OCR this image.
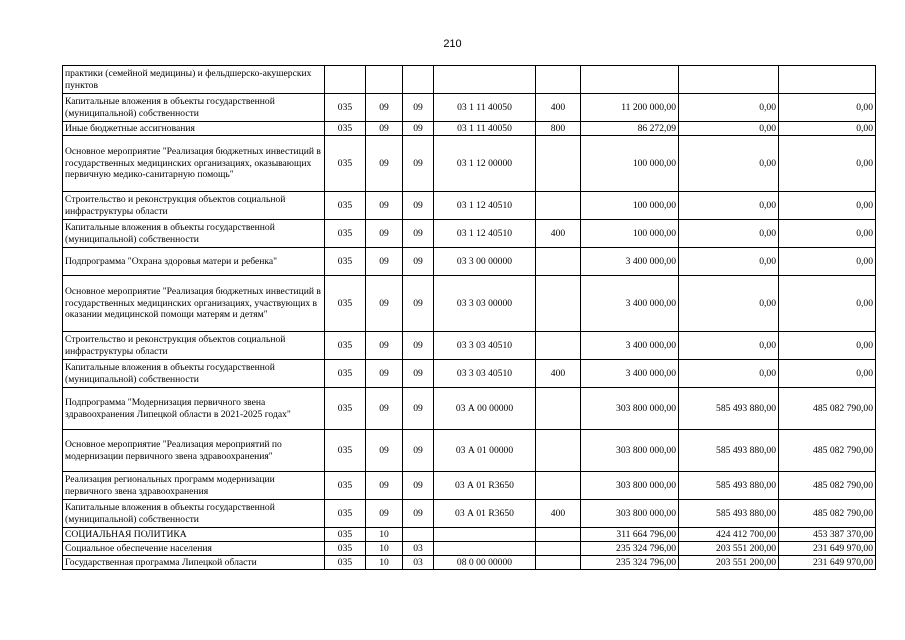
210
практики (семейной медицины) и фельдшерско-акушерских пунктов								
Капитальные вложения в объекты государственной (муниципальной) собственности	035	09	09	03 1 11 40050	400	11 200 000,00	0,00	0,00
Иные бюджетные ассигнования	035	09	09	03 1 11 40050	800	86 272,09	0,00	0,00
Основное мероприятие "Реализация бюджетных инвестиций в государственных медицинских организациях, оказывающих первичную медико-санитарную помощь"	035	09	09	03 1 12 00000		100 000,00	0,00	0,00
Строительство и реконструкция объектов социальной инфраструктуры области	035	09	09	03 1 12 40510		100 000,00	0,00	0,00
Капитальные вложения в объекты государственной (муниципальной) собственности	035	09	09	03 1 12 40510	400	100 000,00	0,00	0,00
Подпрограмма "Охрана здоровья матери и ребенка"	035	09	09	03 3 00 00000		3 400 000,00	0,00	0,00
Основное мероприятие "Реализация бюджетных инвестиций в государственных медицинских организациях, участвующих в оказании медицинской помощи матерям и детям"	035	09	09	03 3 03 00000		3 400 000,00	0,00	0,00
Строительство и реконструкция объектов социальной инфраструктуры области	035	09	09	03 3 03 40510		3 400 000,00	0,00	0,00
Капитальные вложения в объекты государственной (муниципальной) собственности	035	09	09	03 3 03 40510	400	3 400 000,00	0,00	0,00
Подпрограмма "Модернизация первичного звена здравоохранения Липецкой области в 2021-2025 годах"	035	09	09	03 А 00 00000		303 800 000,00	585 493 880,00	485 082 790,00
Основное мероприятие "Реализация мероприятий по модернизации первичного звена здравоохранения"	035	09	09	03 А 01 00000		303 800 000,00	585 493 880,00	485 082 790,00
Реализация региональных программ модернизации первичного звена здравоохранения	035	09	09	03 А 01 R3650		303 800 000,00	585 493 880,00	485 082 790,00
Капитальные вложения в объекты государственной (муниципальной) собственности	035	09	09	03 А 01 R3650	400	303 800 000,00	585 493 880,00	485 082 790,00
СОЦИАЛЬНАЯ ПОЛИТИКА	035	10				311 664 796,00	424 412 700,00	453 387 370,00
Социальное обеспечение населения	035	10	03			235 324 796,00	203 551 200,00	231 649 970,00
Государственная программа Липецкой области	035	10	03	08 0 00 00000		235 324 796,00	203 551 200,00	231 649 970,00
